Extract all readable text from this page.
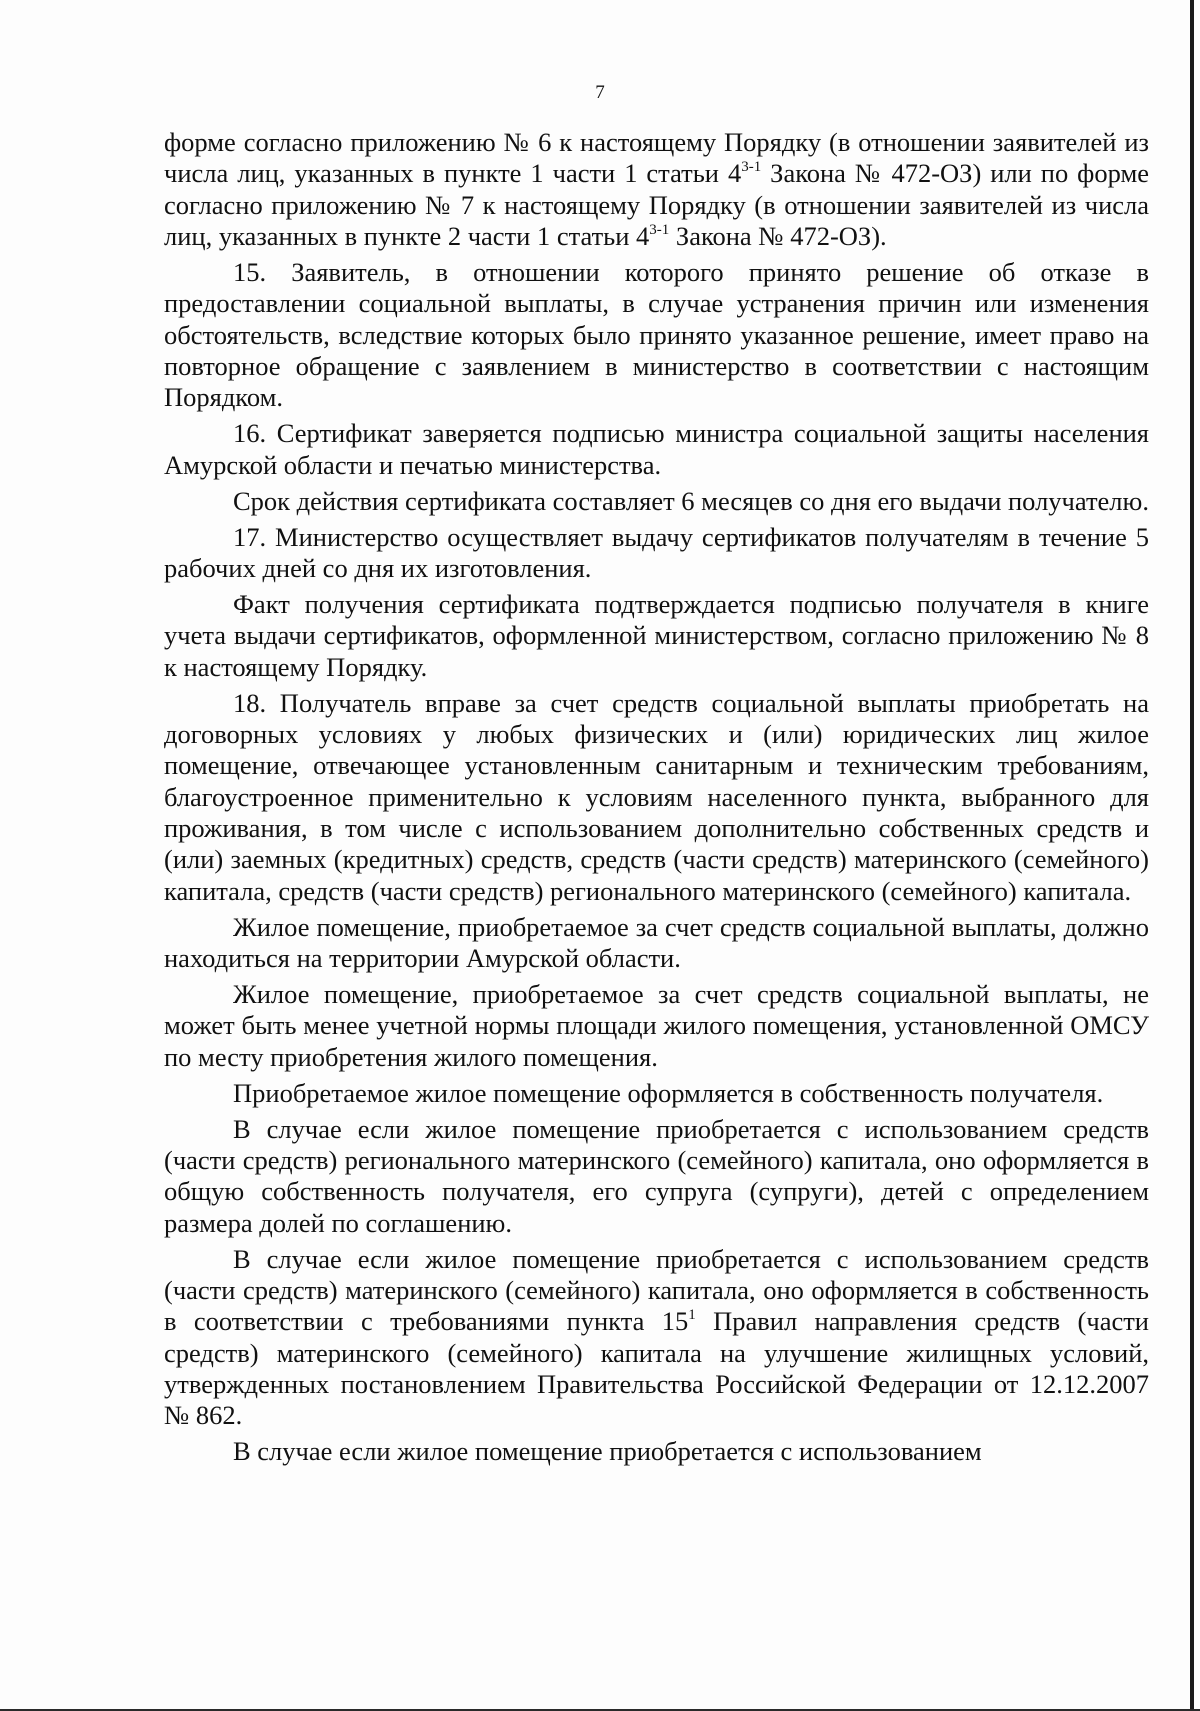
7

форме согласно приложению № 6 к настоящему Порядку (в отношении заявителей из числа лиц, указанных в пункте 1 части 1 статьи 4$^{3-1}$ Закона № 472-ОЗ) или по форме согласно приложению № 7 к настоящему Порядку (в отношении заявителей из числа лиц, указанных в пункте 2 части 1 статьи 4$^{3-1}$ Закона № 472-ОЗ).

15. Заявитель, в отношении которого принято решение об отказе в предоставлении социальной выплаты, в случае устранения причин или изменения обстоятельств, вследствие которых было принято указанное решение, имеет право на повторное обращение с заявлением в министерство в соответствии с настоящим Порядком.

16. Сертификат заверяется подписью министра социальной защиты населения Амурской области и печатью министерства.

Срок действия сертификата составляет 6 месяцев со дня его выдачи получателю.

17. Министерство осуществляет выдачу сертификатов получателям в течение 5 рабочих дней со дня их изготовления.

Факт получения сертификата подтверждается подписью получателя в книге учета выдачи сертификатов, оформленной министерством, согласно приложению № 8 к настоящему Порядку.

18. Получатель вправе за счет средств социальной выплаты приобретать на договорных условиях у любых физических и (или) юридических лиц жилое помещение, отвечающее установленным санитарным и техническим требованиям, благоустроенное применительно к условиям населенного пункта, выбранного для проживания, в том числе с использованием дополнительно собственных средств и (или) заемных (кредитных) средств, средств (части средств) материнского (семейного) капитала, средств (части средств) регионального материнского (семейного) капитала.

Жилое помещение, приобретаемое за счет средств социальной выплаты, должно находиться на территории Амурской области.

Жилое помещение, приобретаемое за счет средств социальной выплаты, не может быть менее учетной нормы площади жилого помещения, установленной ОМСУ по месту приобретения жилого помещения.

Приобретаемое жилое помещение оформляется в собственность получателя.

В случае если жилое помещение приобретается с использованием средств (части средств) регионального материнского (семейного) капитала, оно оформляется в общую собственность получателя, его супруга (супруги), детей с определением размера долей по соглашению.

В случае если жилое помещение приобретается с использованием средств (части средств) материнского (семейного) капитала, оно оформляется в собственность в соответствии с требованиями пункта $15^1$ Правил направления средств (части средств) материнского (семейного) капитала на улучшение жилищных условий, утвержденных постановлением Правительства Российской Федерации от 12.12.2007 № 862.

В случае если жилое помещение приобретается с использованием
